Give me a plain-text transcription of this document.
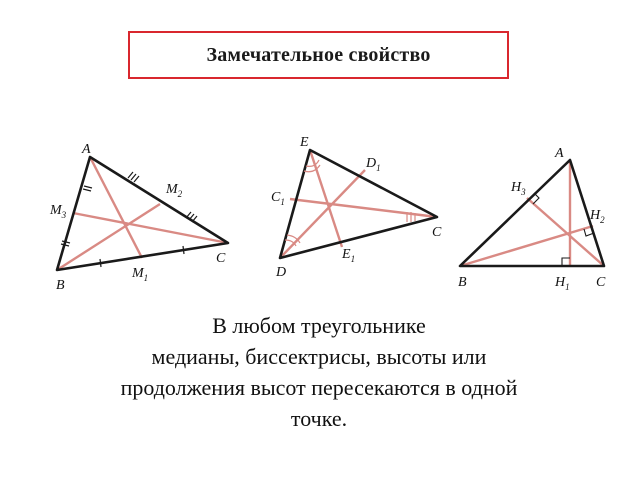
Замечательное свойство
A
B
C
$M_1$
$M_2$
$M_3$
E
D
C
$C_1$
$D_1$
$E_1$
A
B	C
$H_1$
$H_2$
$H_3$
В любом треугольнике
медианы, биссектрисы, высоты или
продолжения высот пересекаются в одной
точке.
